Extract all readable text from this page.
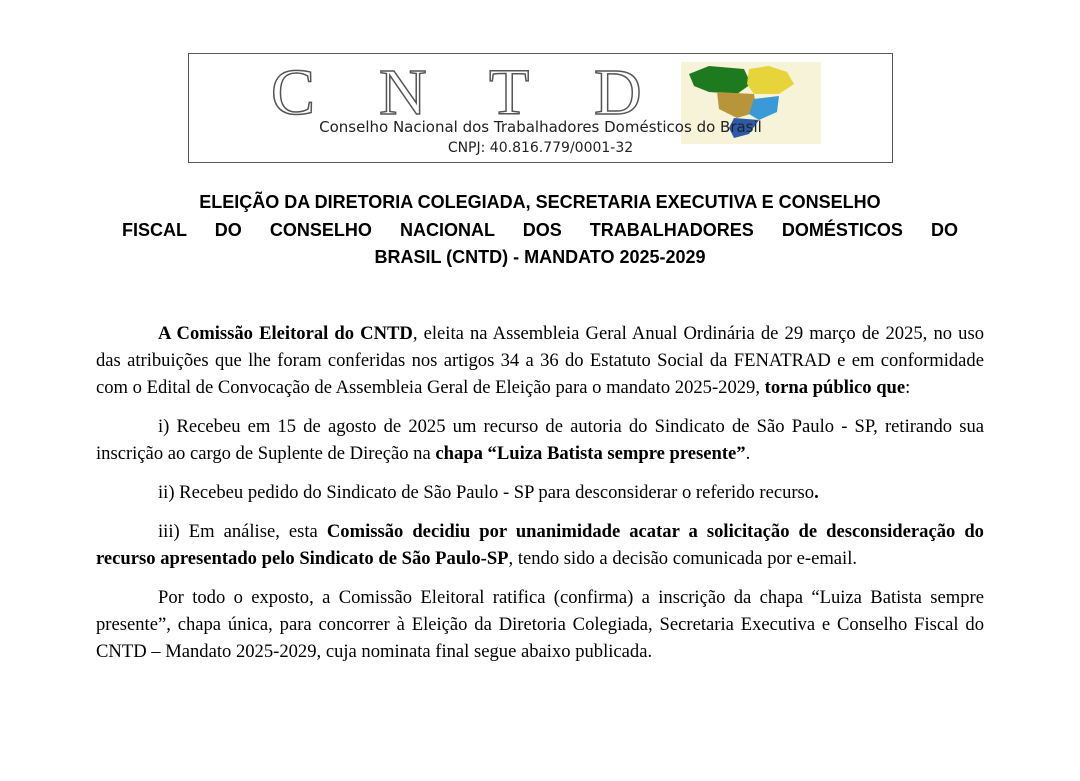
C N T D
Conselho Nacional dos Trabalhadores Domésticos do Brasil
CNPJ: 40.816.779/0001-32
ELEIÇÃO DA DIRETORIA COLEGIADA, SECRETARIA EXECUTIVA E CONSELHO
FISCAL DO CONSELHO NACIONAL DOS TRABALHADORES DOMÉSTICOS DO
BRASIL (CNTD) - MANDATO 2025-2029

A Comissão Eleitoral do CNTD, eleita na Assembleia Geral Anual Ordinária de 29 março de 2025, no uso das atribuições que lhe foram conferidas nos artigos 34 a 36 do Estatuto Social da FENATRAD e em conformidade com o Edital de Convocação de Assembleia Geral de Eleição para o mandato 2025-2029, torna público que:

i) Recebeu em 15 de agosto de 2025 um recurso de autoria do Sindicato de São Paulo - SP, retirando sua inscrição ao cargo de Suplente de Direção na chapa “Luiza Batista sempre presente”.

ii) Recebeu pedido do Sindicato de São Paulo - SP para desconsiderar o referido recurso.

iii) Em análise, esta Comissão decidiu por unanimidade acatar a solicitação de desconsideração do recurso apresentado pelo Sindicato de São Paulo-SP, tendo sido a decisão comunicada por e-email.

Por todo o exposto, a Comissão Eleitoral ratifica (confirma) a inscrição da chapa “Luiza Batista sempre presente”, chapa única, para concorrer à Eleição da Diretoria Colegiada, Secretaria Executiva e Conselho Fiscal do CNTD – Mandato 2025-2029, cuja nominata final segue abaixo publicada.
